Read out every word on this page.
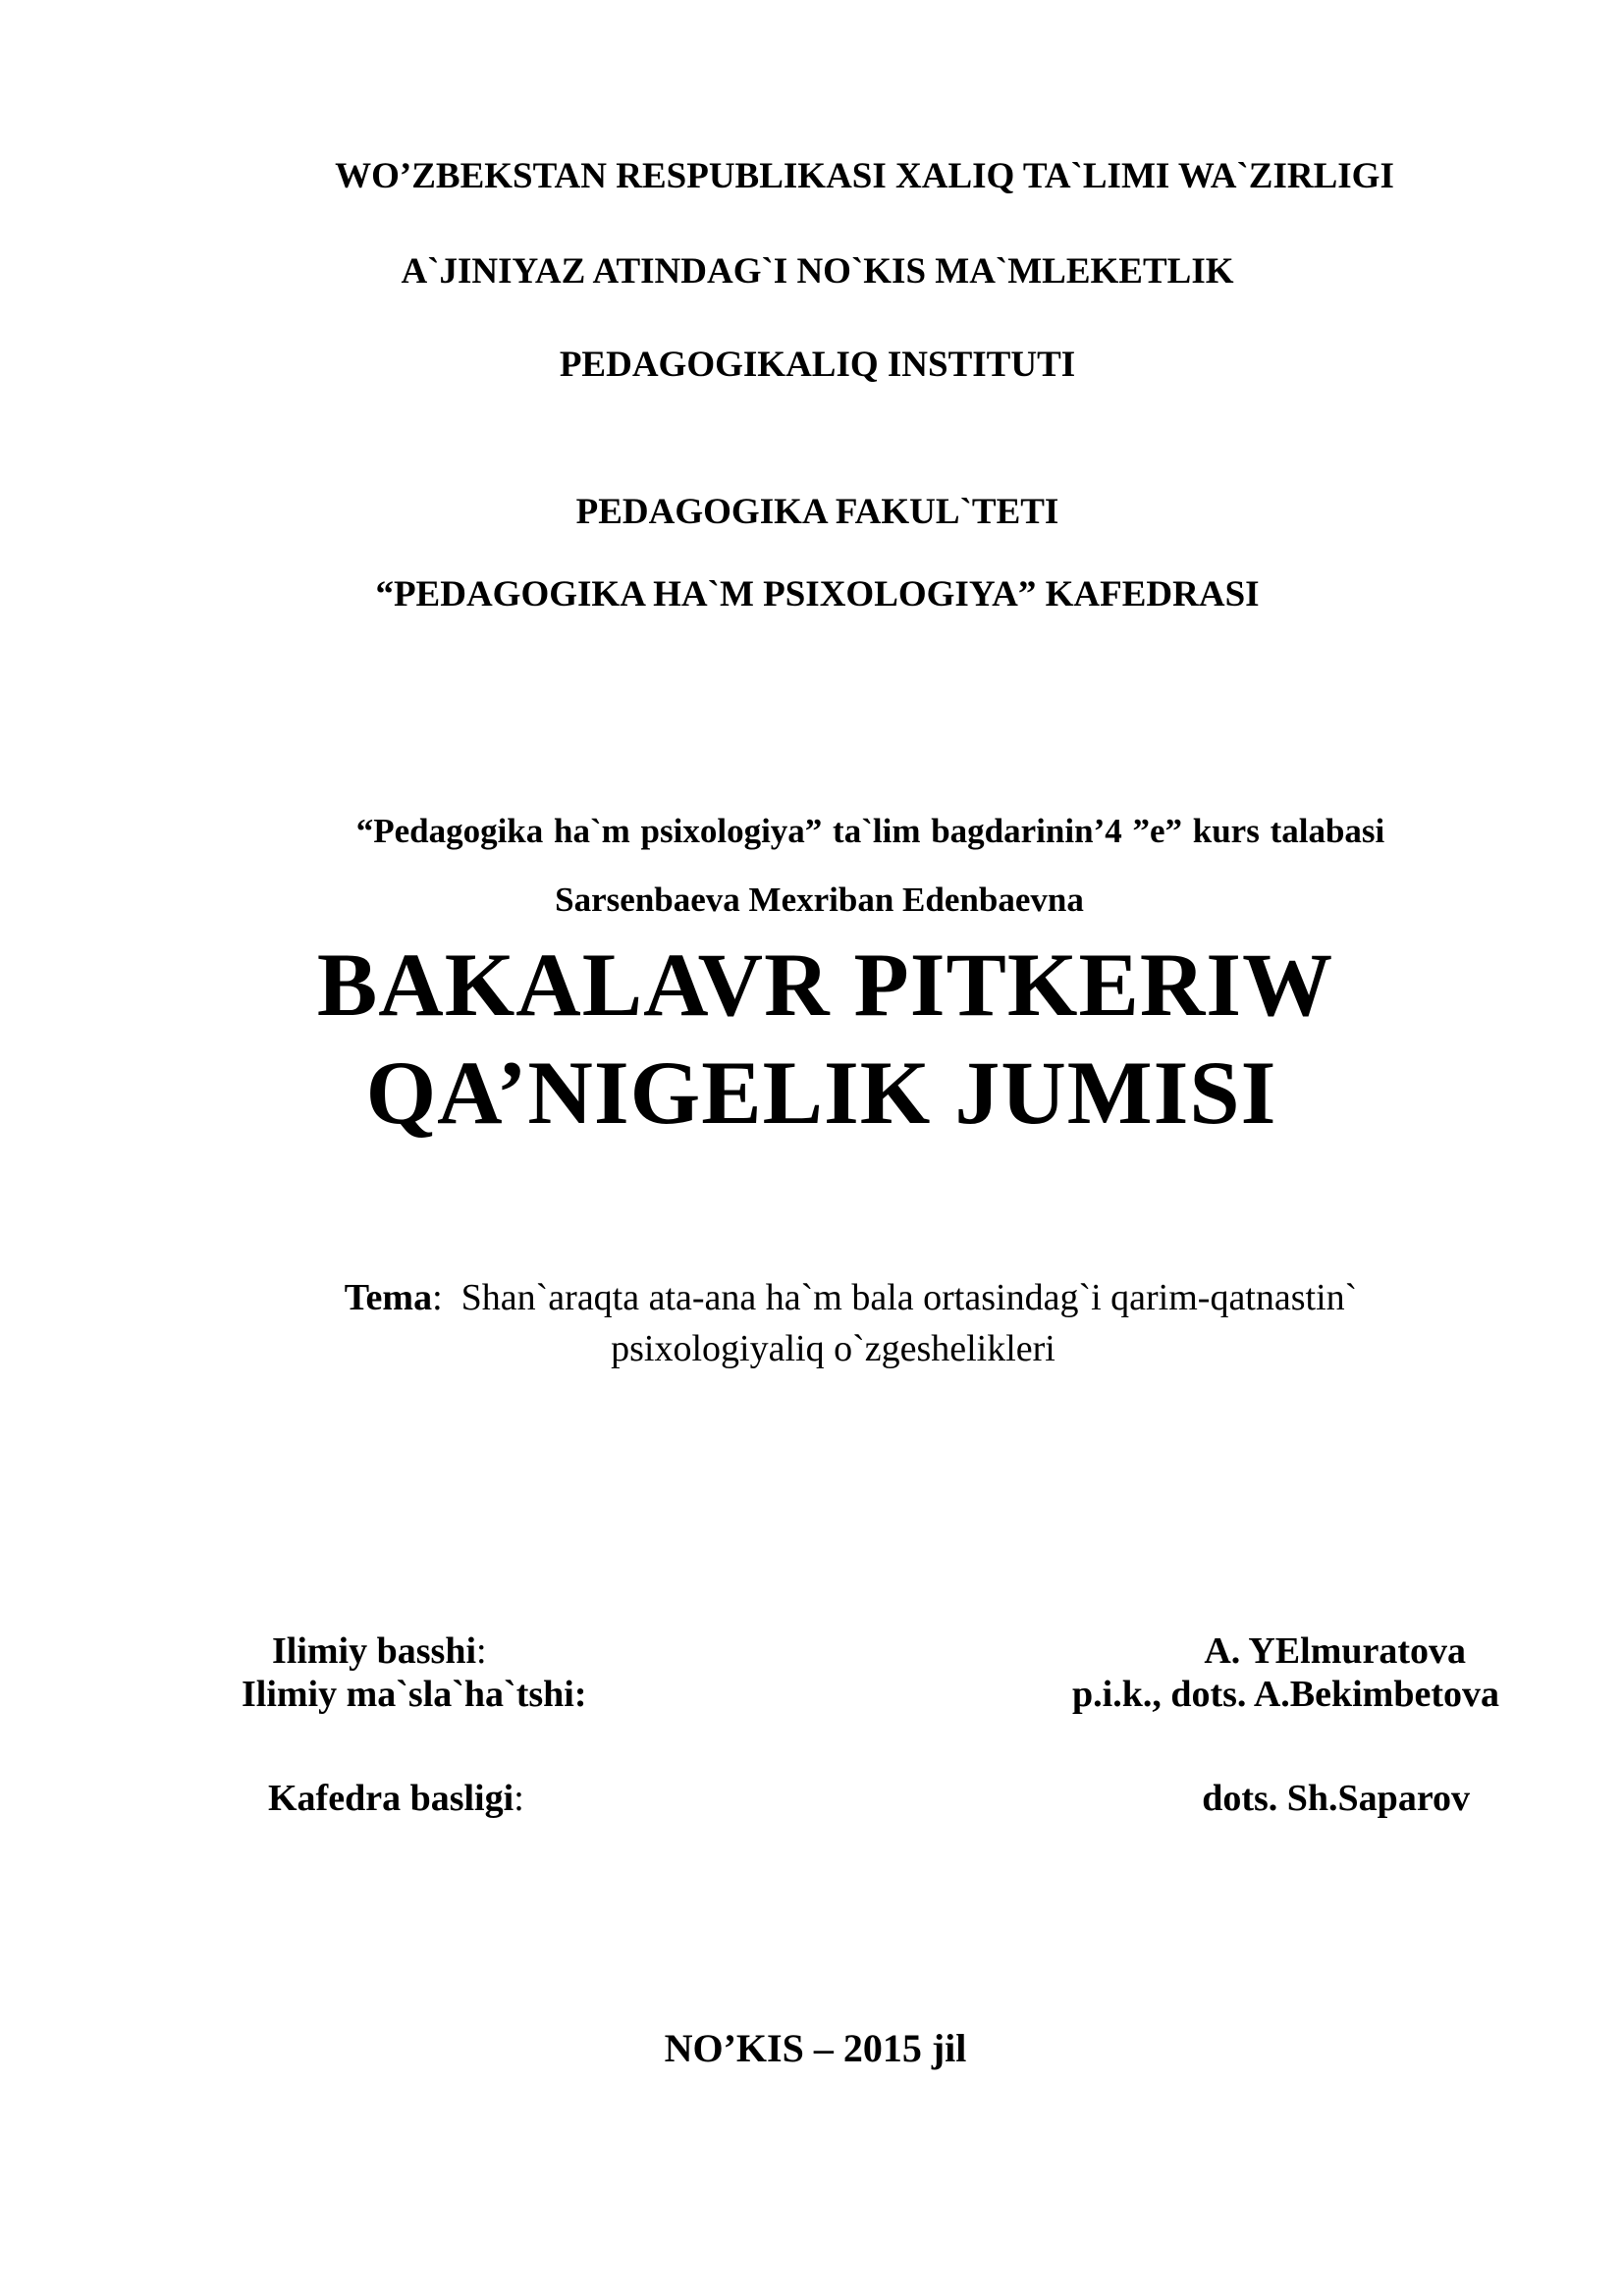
WO’ZBEKSTAN RESPUBLIKASI XALIQ TA`LIMI WA`ZIRLIGI
A`JINIYAZ ATINDAG`I NO`KIS MA`MLEKETLIK
PEDAGOGIKALIQ INSTITUTI
PEDAGOGIKA FAKUL`TETI
“PEDAGOGIKA HA`M PSIXOLOGIYA” KAFEDRASI
“Pedagogika ha`m psixologiya” ta`lim bagdarinin’4 ”e” kurs talabasi
Sarsenbaeva Mexriban Edenbaevna
BAKALAVR PITKERIW
QA’NIGELIK JUMISI
Tema:  Shan`araqta ata-ana ha`m bala ortasindag`i qarim-qatnastin`
psixologiyaliq o`zgeshelikleri
Ilimiy basshi:	A. YElmuratova
Ilimiy ma`sla`ha`tshi:	p.i.k., dots. A.Bekimbetova
Kafedra basligi:	dots. Sh.Saparov
NO’KIS – 2015 jil
